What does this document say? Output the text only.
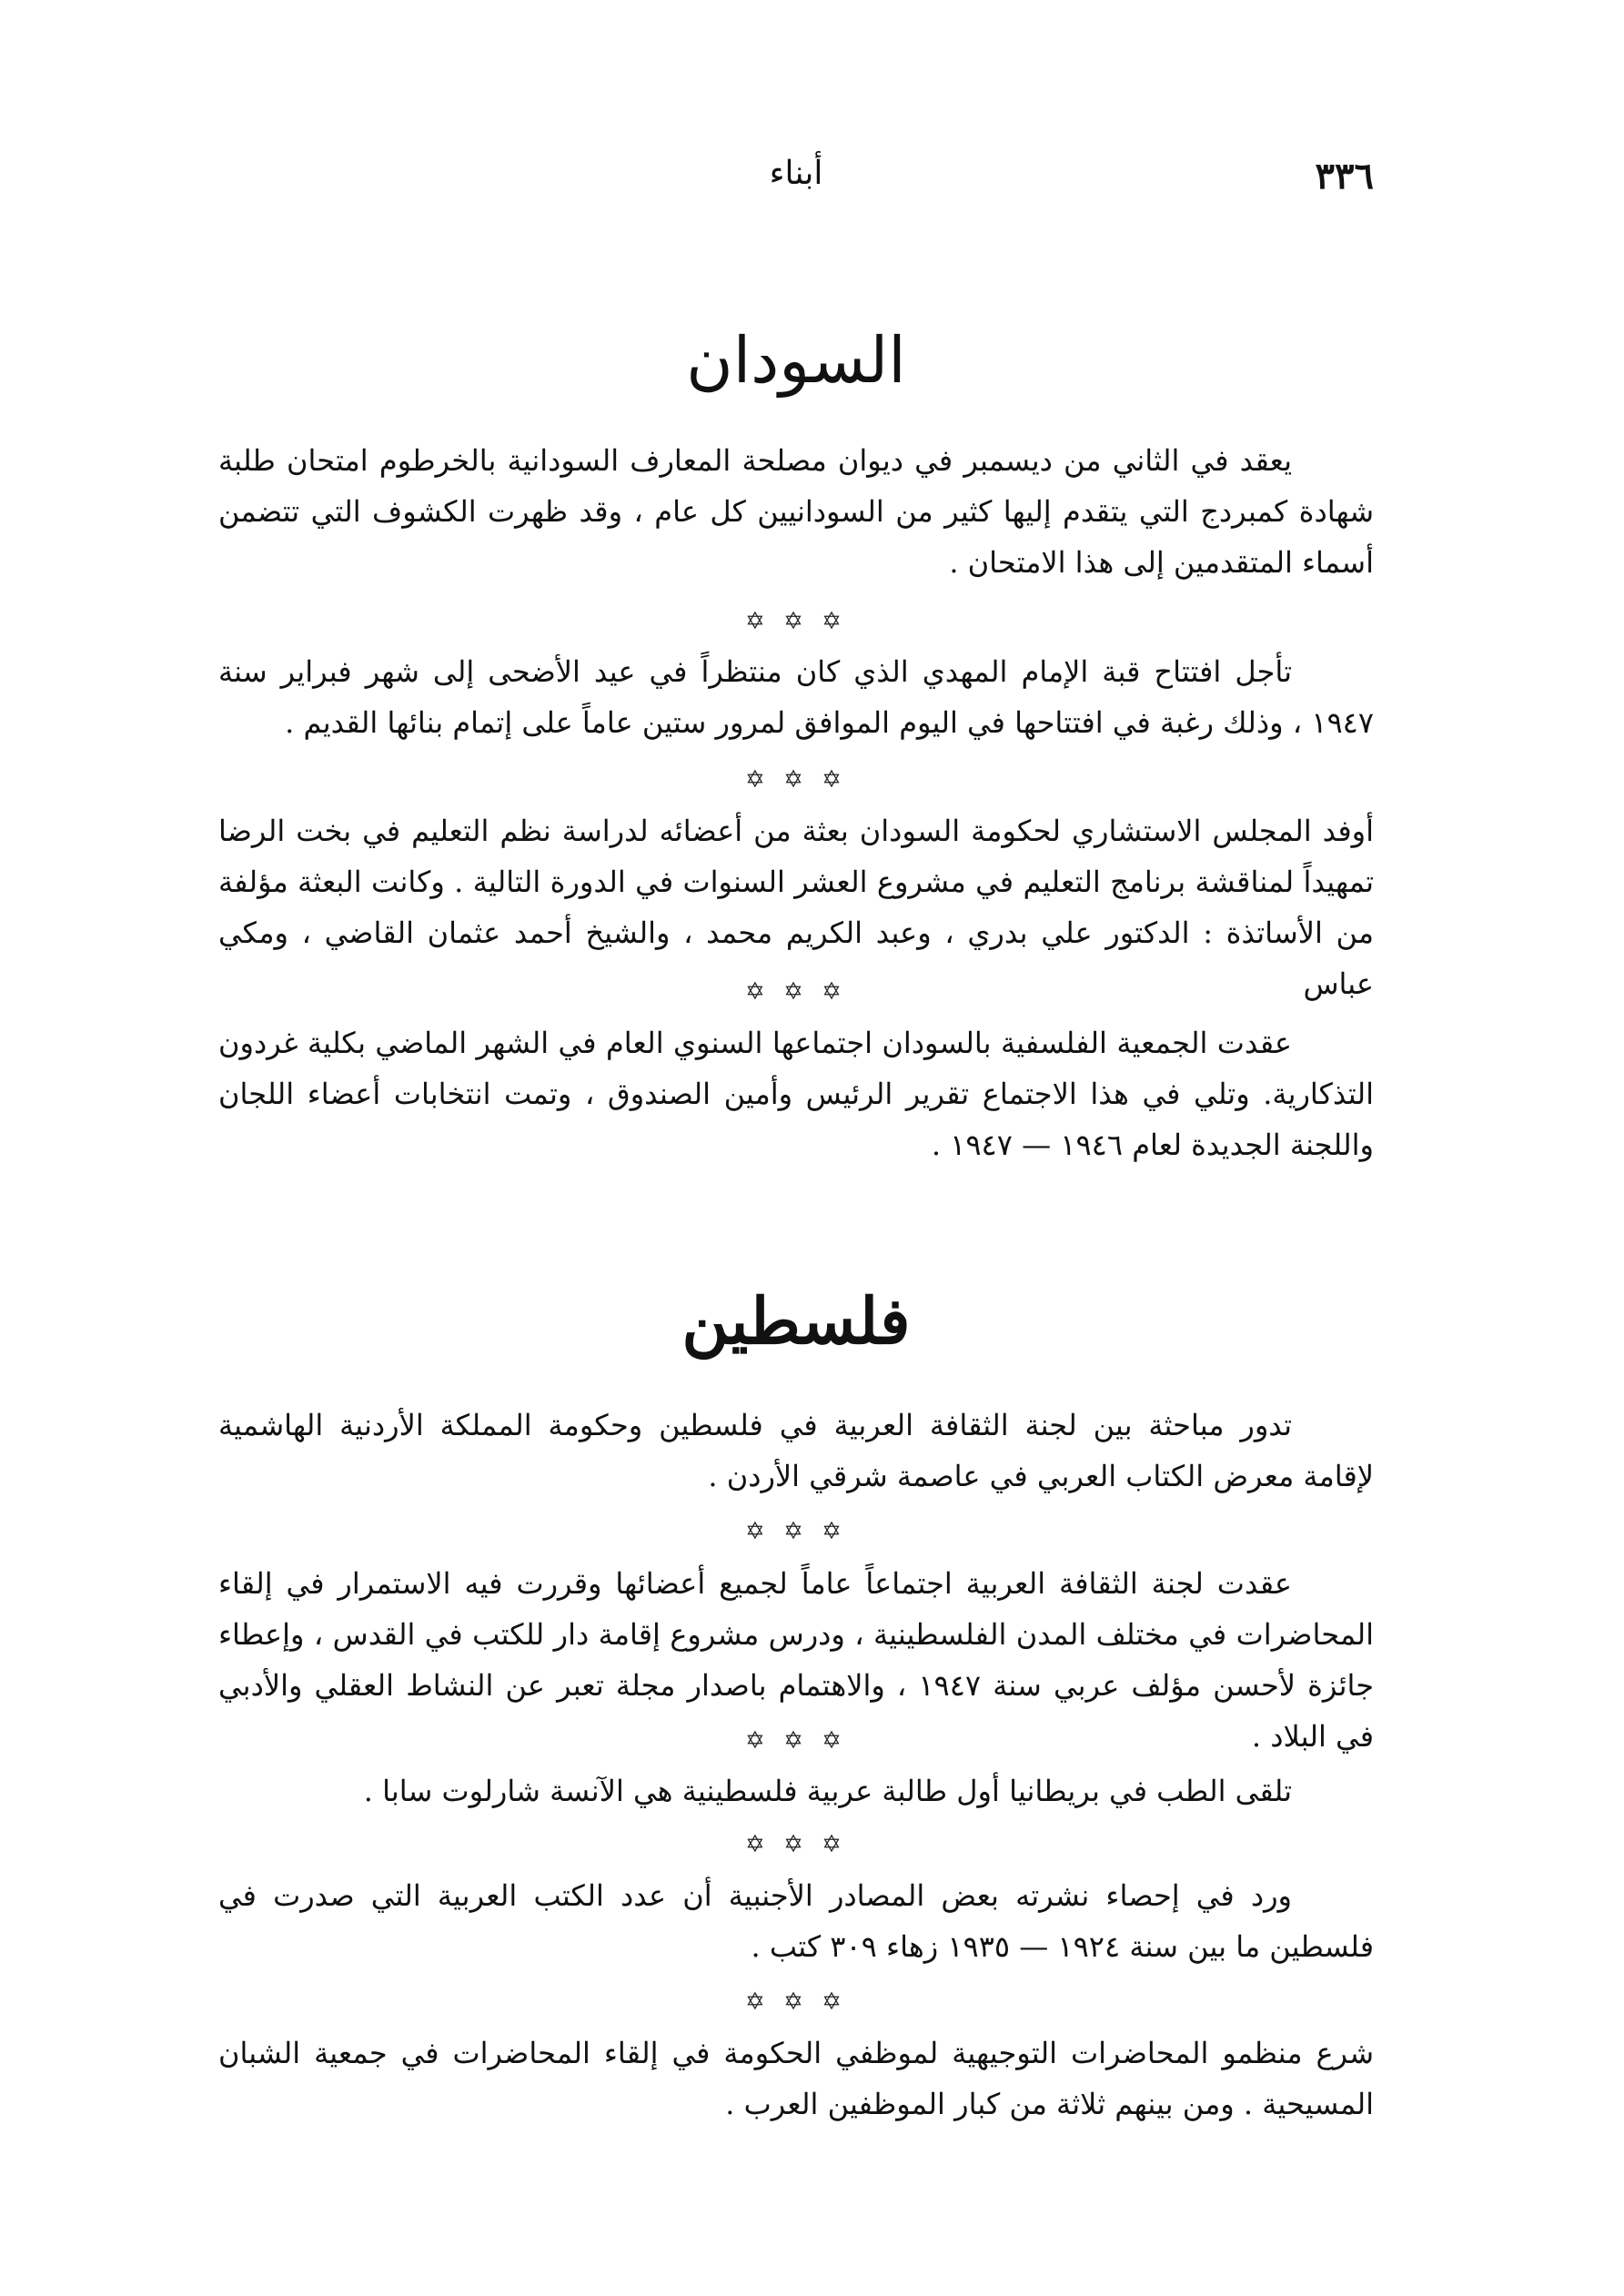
٣٣٦
أبناء
السودان

يعقد في الثاني من ديسمبر في ديوان مصلحة المعارف السودانية بالخرطوم امتحان طلبة شهادة كمبردج التي يتقدم إليها كثير من السودانيين كل عام ، وقد ظهرت الكشوف التي تتضمن أسماء المتقدمين إلى هذا الامتحان .

✡ ✡ ✡

تأجل افتتاح قبة الإمام المهدي الذي كان منتظراً في عيد الأضحى إلى شهر فبراير سنة ١٩٤٧ ، وذلك رغبة في افتتاحها في اليوم الموافق لمرور ستين عاماً على إتمام بنائها القديم .

✡ ✡ ✡

أوفد المجلس الاستشاري لحكومة السودان بعثة من أعضائه لدراسة نظم التعليم في بخت الرضا تمهيداً لمناقشة برنامج التعليم في مشروع العشر السنوات في الدورة التالية . وكانت البعثة مؤلفة من الأساتذة : الدكتور علي بدري ، وعبد الكريم محمد ، والشيخ أحمد عثمان القاضي ، ومكي عباس

✡ ✡ ✡

عقدت الجمعية الفلسفية بالسودان اجتماعها السنوي العام في الشهر الماضي بكلية غردون التذكارية. وتلي في هذا الاجتماع تقرير الرئيس وأمين الصندوق ، وتمت انتخابات أعضاء اللجان واللجنة الجديدة لعام ١٩٤٦ — ١٩٤٧ .

فلسطين

تدور مباحثة بين لجنة الثقافة العربية في فلسطين وحكومة المملكة الأردنية الهاشمية لإقامة معرض الكتاب العربي في عاصمة شرقي الأردن .

✡ ✡ ✡

عقدت لجنة الثقافة العربية اجتماعاً عاماً لجميع أعضائها وقررت فيه الاستمرار في إلقاء المحاضرات في مختلف المدن الفلسطينية ، ودرس مشروع إقامة دار للكتب في القدس ، وإعطاء جائزة لأحسن مؤلف عربي سنة ١٩٤٧ ، والاهتمام باصدار مجلة تعبر عن النشاط العقلي والأدبي في البلاد .

✡ ✡ ✡

تلقى الطب في بريطانيا أول طالبة عربية فلسطينية هي الآنسة شارلوت سابا .

✡ ✡ ✡

ورد في إحصاء نشرته بعض المصادر الأجنبية أن عدد الكتب العربية التي صدرت في فلسطين ما بين سنة ١٩٢٤ — ١٩٣٥ زهاء ٣٠٩ كتب .

✡ ✡ ✡

شرع منظمو المحاضرات التوجيهية لموظفي الحكومة في إلقاء المحاضرات في جمعية الشبان المسيحية . ومن بينهم ثلاثة من كبار الموظفين العرب .
